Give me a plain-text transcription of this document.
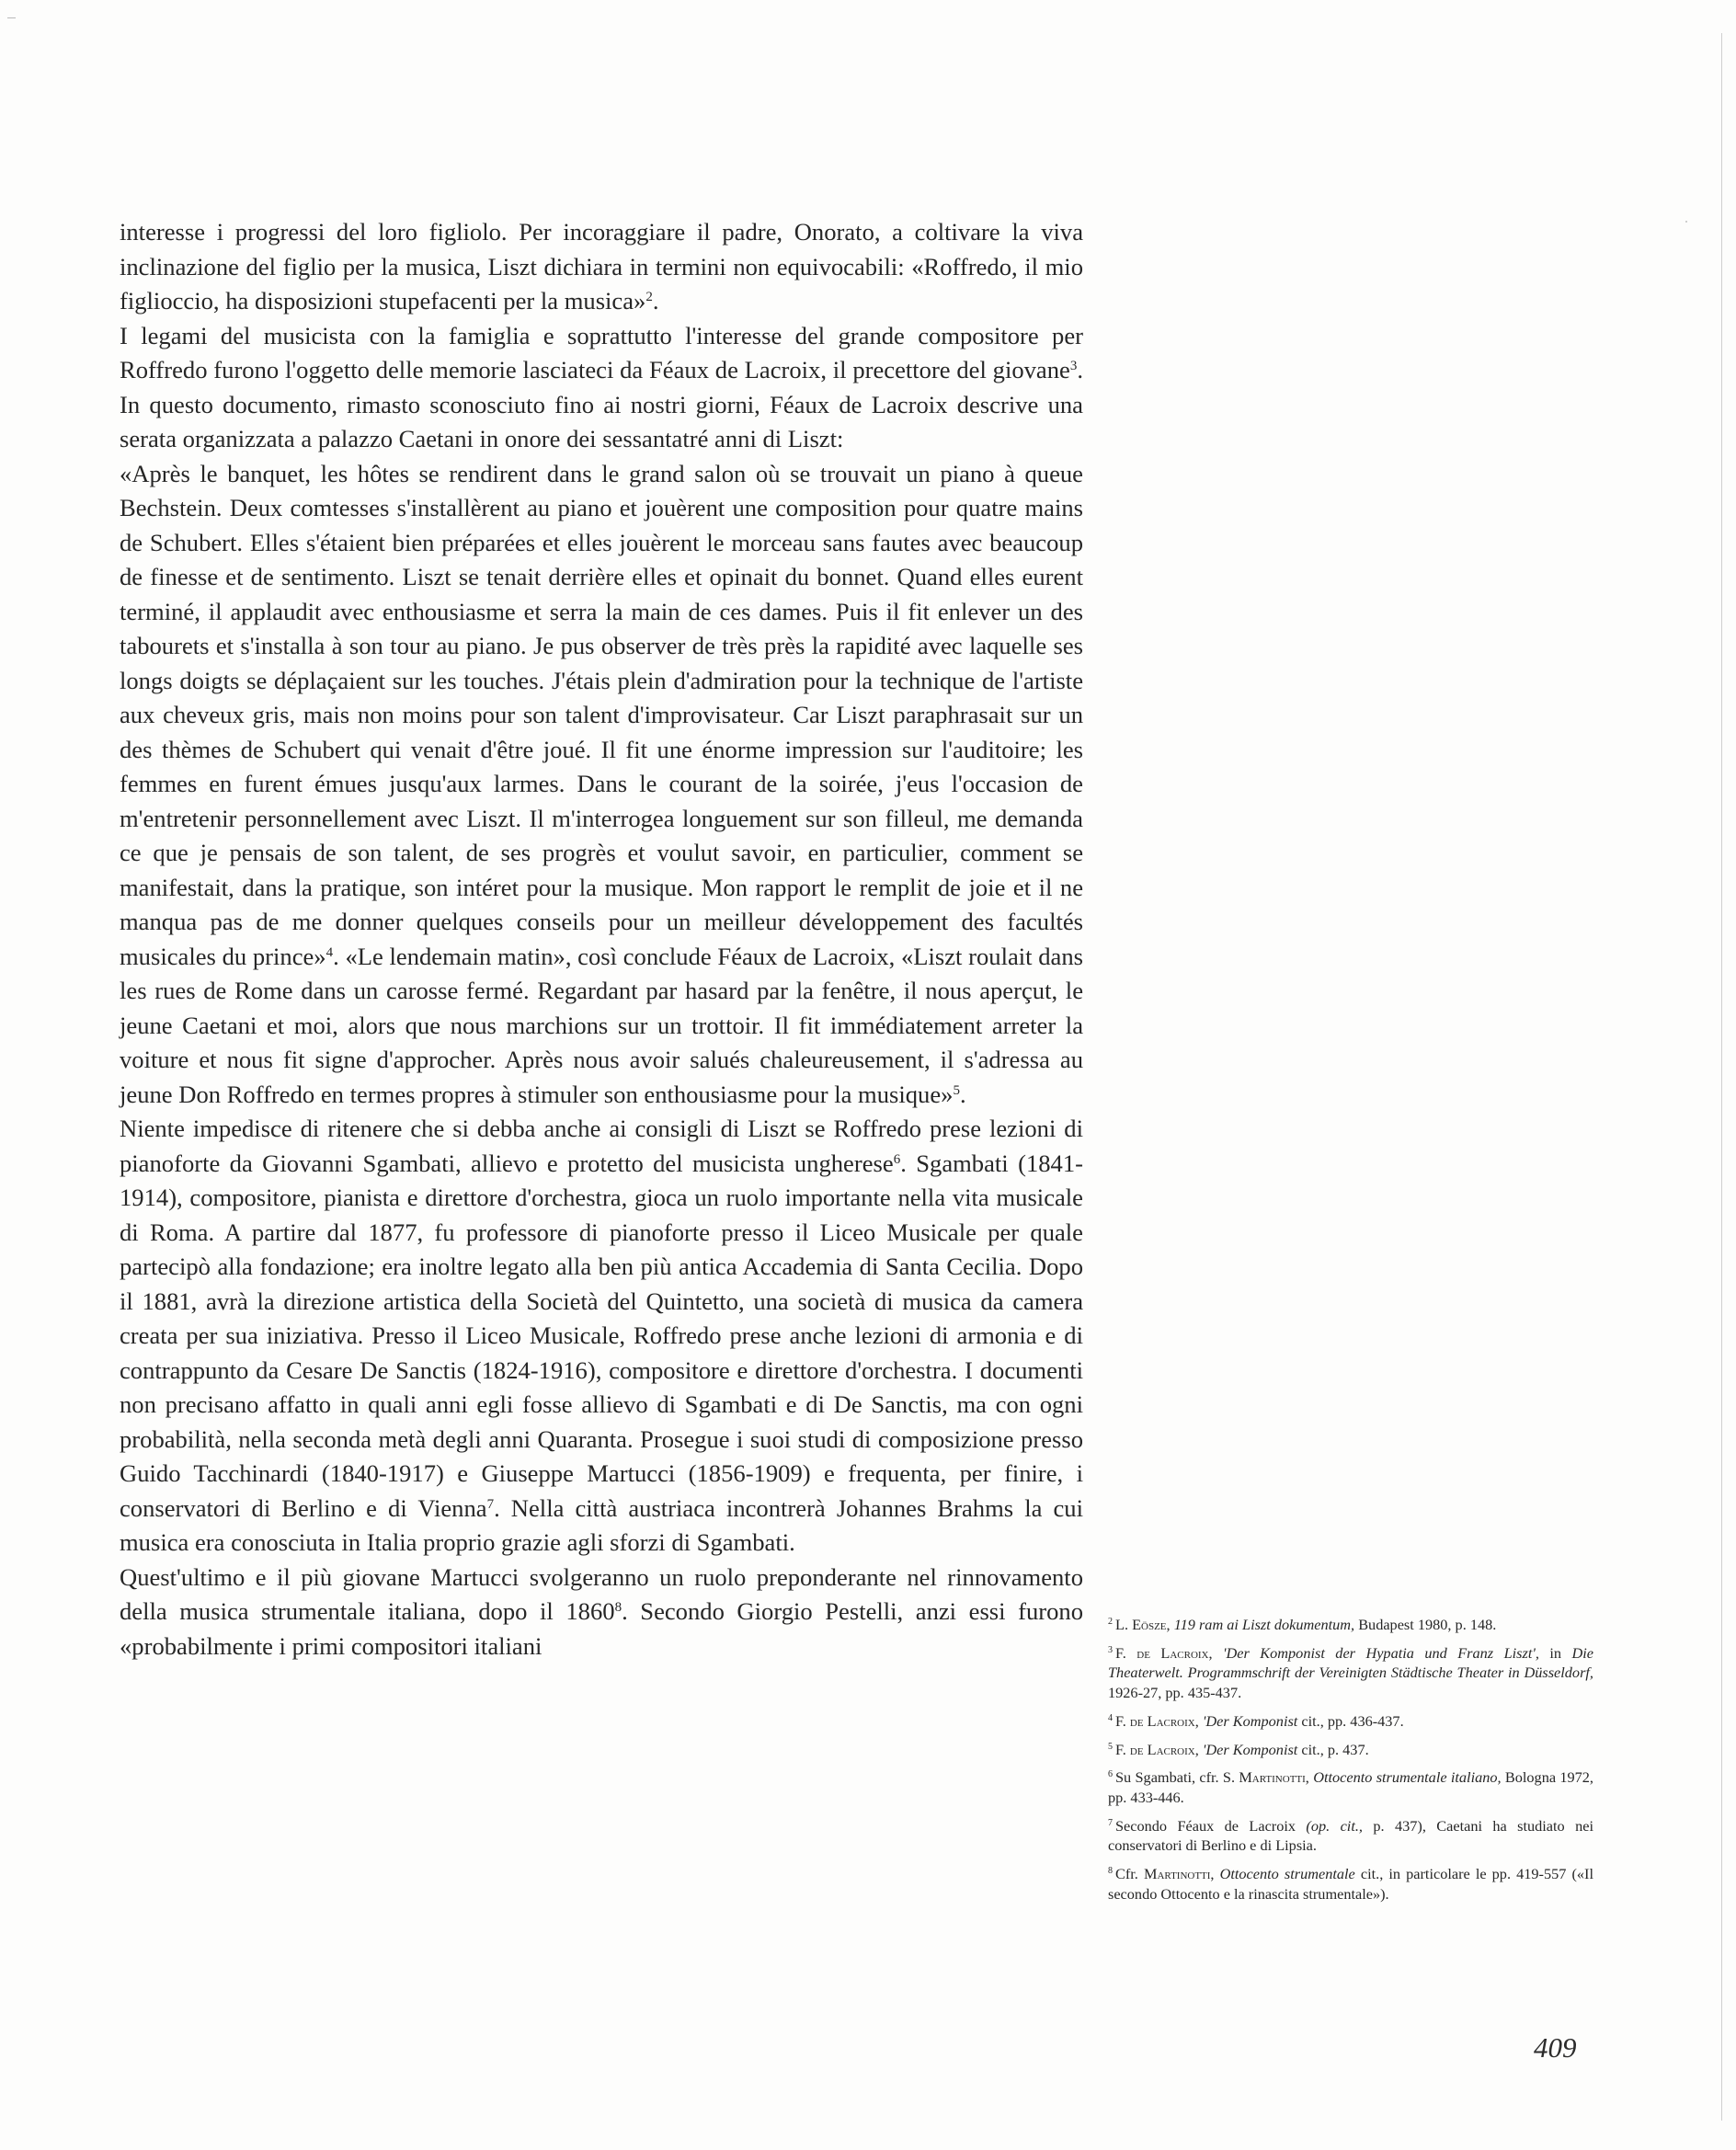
interesse i progressi del loro figliolo. Per incoraggiare il padre, Onorato, a coltivare la viva inclinazione del figlio per la musica, Liszt dichiara in termini non equivocabili: «Roffredo, il mio figlioccio, ha disposizioni stupefacenti per la musica»$^2$.

I legami del musicista con la famiglia e soprattutto l'interesse del grande compositore per Roffredo furono l'oggetto delle memorie lasciateci da Féaux de Lacroix, il precettore del giovane$^3$. In questo documento, rimasto sconosciuto fino ai nostri giorni, Féaux de Lacroix descrive una serata organizzata a palazzo Caetani in onore dei sessantatré anni di Liszt:

«Après le banquet, les hôtes se rendirent dans le grand salon où se trouvait un piano à queue Bechstein. Deux comtesses s'installèrent au piano et jouèrent une composition pour quatre mains de Schubert. Elles s'étaient bien préparées et elles jouèrent le morceau sans fautes avec beaucoup de finesse et de sentimento. Liszt se tenait derrière elles et opinait du bonnet. Quand elles eurent terminé, il applaudit avec enthousiasme et serra la main de ces dames. Puis il fit enlever un des tabourets et s'installa à son tour au piano. Je pus observer de très près la rapidité avec laquelle ses longs doigts se déplaçaient sur les touches. J'étais plein d'admiration pour la technique de l'artiste aux cheveux gris, mais non moins pour son talent d'improvisateur. Car Liszt paraphrasait sur un des thèmes de Schubert qui venait d'être joué. Il fit une énorme impression sur l'auditoire; les femmes en furent émues jusqu'aux larmes. Dans le courant de la soirée, j'eus l'occasion de m'entretenir personnellement avec Liszt. Il m'interrogea longuement sur son filleul, me demanda ce que je pensais de son talent, de ses progrès et voulut savoir, en particulier, comment se manifestait, dans la pratique, son intéret pour la musique. Mon rapport le remplit de joie et il ne manqua pas de me donner quelques conseils pour un meilleur développement des facultés musicales du prince»$^4$. «Le lendemain matin», così conclude Féaux de Lacroix, «Liszt roulait dans les rues de Rome dans un carosse fermé. Regardant par hasard par la fenêtre, il nous aperçut, le jeune Caetani et moi, alors que nous marchions sur un trottoir. Il fit immédiatement arreter la voiture et nous fit signe d'approcher. Après nous avoir salués chaleureusement, il s'adressa au jeune Don Roffredo en termes propres à stimuler son enthousiasme pour la musique»$^5$.

Niente impedisce di ritenere che si debba anche ai consigli di Liszt se Roffredo prese lezioni di pianoforte da Giovanni Sgambati, allievo e protetto del musicista ungherese$^6$. Sgambati (1841-1914), compositore, pianista e direttore d'orchestra, gioca un ruolo importante nella vita musicale di Roma. A partire dal 1877, fu professore di pianoforte presso il Liceo Musicale per quale partecipò alla fondazione; era inoltre legato alla ben più antica Accademia di Santa Cecilia. Dopo il 1881, avrà la direzione artistica della Società del Quintetto, una società di musica da camera creata per sua iniziativa. Presso il Liceo Musicale, Roffredo prese anche lezioni di armonia e di contrappunto da Cesare De Sanctis (1824-1916), compositore e direttore d'orchestra. I documenti non precisano affatto in quali anni egli fosse allievo di Sgambati e di De Sanctis, ma con ogni probabilità, nella seconda metà degli anni Quaranta. Prosegue i suoi studi di composizione presso Guido Tacchinardi (1840-1917) e Giuseppe Martucci (1856-1909) e frequenta, per finire, i conservatori di Berlino e di Vienna$^7$. Nella città austriaca incontrerà Johannes Brahms la cui musica era conosciuta in Italia proprio grazie agli sforzi di Sgambati.

Quest'ultimo e il più giovane Martucci svolgeranno un ruolo preponderante nel rinnovamento della musica strumentale italiana, dopo il 1860$^8$. Secondo Giorgio Pestelli, anzi essi furono «probabilmente i primi compositori italiani

$^2$ L. Eösze, 119 ram ai Liszt dokumentum, Budapest 1980, p. 148.

$^3$ F. de Lacroix, 'Der Komponist der Hypatia und Franz Liszt', in Die Theaterwelt. Programmschrift der Vereinigten Städtische Theater in Düsseldorf, 1926-27, pp. 435-437.

$^4$ F. de Lacroix, 'Der Komponist cit., pp. 436-437.

$^5$ F. de Lacroix, 'Der Komponist cit., p. 437.

$^6$ Su Sgambati, cfr. S. Martinotti, Ottocento strumentale italiano, Bologna 1972, pp. 433-446.

$^7$ Secondo Féaux de Lacroix (op. cit., p. 437), Caetani ha studiato nei conservatori di Berlino e di Lipsia.

$^8$ Cfr. Martinotti, Ottocento strumentale cit., in particolare le pp. 419-557 («Il secondo Ottocento e la rinascita strumentale»).

409
